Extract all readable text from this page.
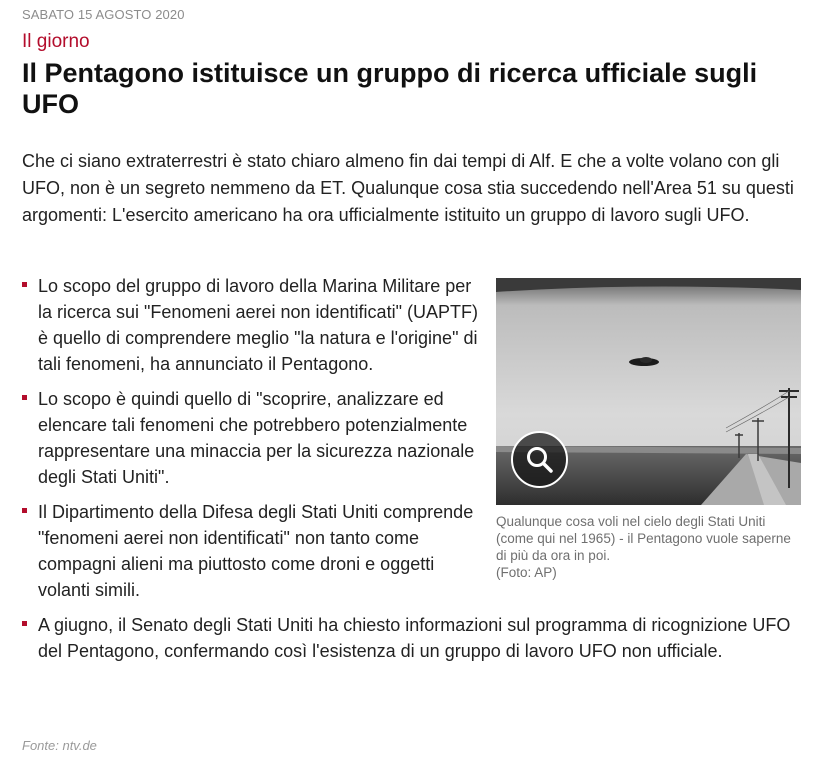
SABATO 15 AGOSTO 2020
Il giorno
Il Pentagono istituisce un gruppo di ricerca ufficiale sugli UFO

Che ci siano extraterrestri è stato chiaro almeno fin dai tempi di Alf. E che a volte volano con gli UFO, non è un segreto nemmeno da ET. Qualunque cosa stia succedendo nell'Area 51 su questi argomenti: L'esercito americano ha ora ufficialmente istituito un gruppo di lavoro sugli UFO.

Qualunque cosa voli nel cielo degli Stati Uniti (come qui nel 1965) - il Pentagono vuole saperne di più da ora in poi.
(Foto: AP)
Lo scopo del gruppo di lavoro della Marina Militare per la ricerca sui "Fenomeni aerei non identificati" (UAPTF) è quello di comprendere meglio "la natura e l'origine" di tali fenomeni, ha annunciato il Pentagono.
Lo scopo è quindi quello di "scoprire, analizzare ed elencare tali fenomeni che potrebbero potenzialmente rappresentare una minaccia per la sicurezza nazionale degli Stati Uniti".
Il Dipartimento della Difesa degli Stati Uniti comprende "fenomeni aerei non identificati" non tanto come compagni alieni ma piuttosto come droni e oggetti volanti simili.
A giugno, il Senato degli Stati Uniti ha chiesto informazioni sul programma di ricognizione UFO del Pentagono, confermando così l'esistenza di un gruppo di lavoro UFO non ufficiale.
Fonte: ntv.de
